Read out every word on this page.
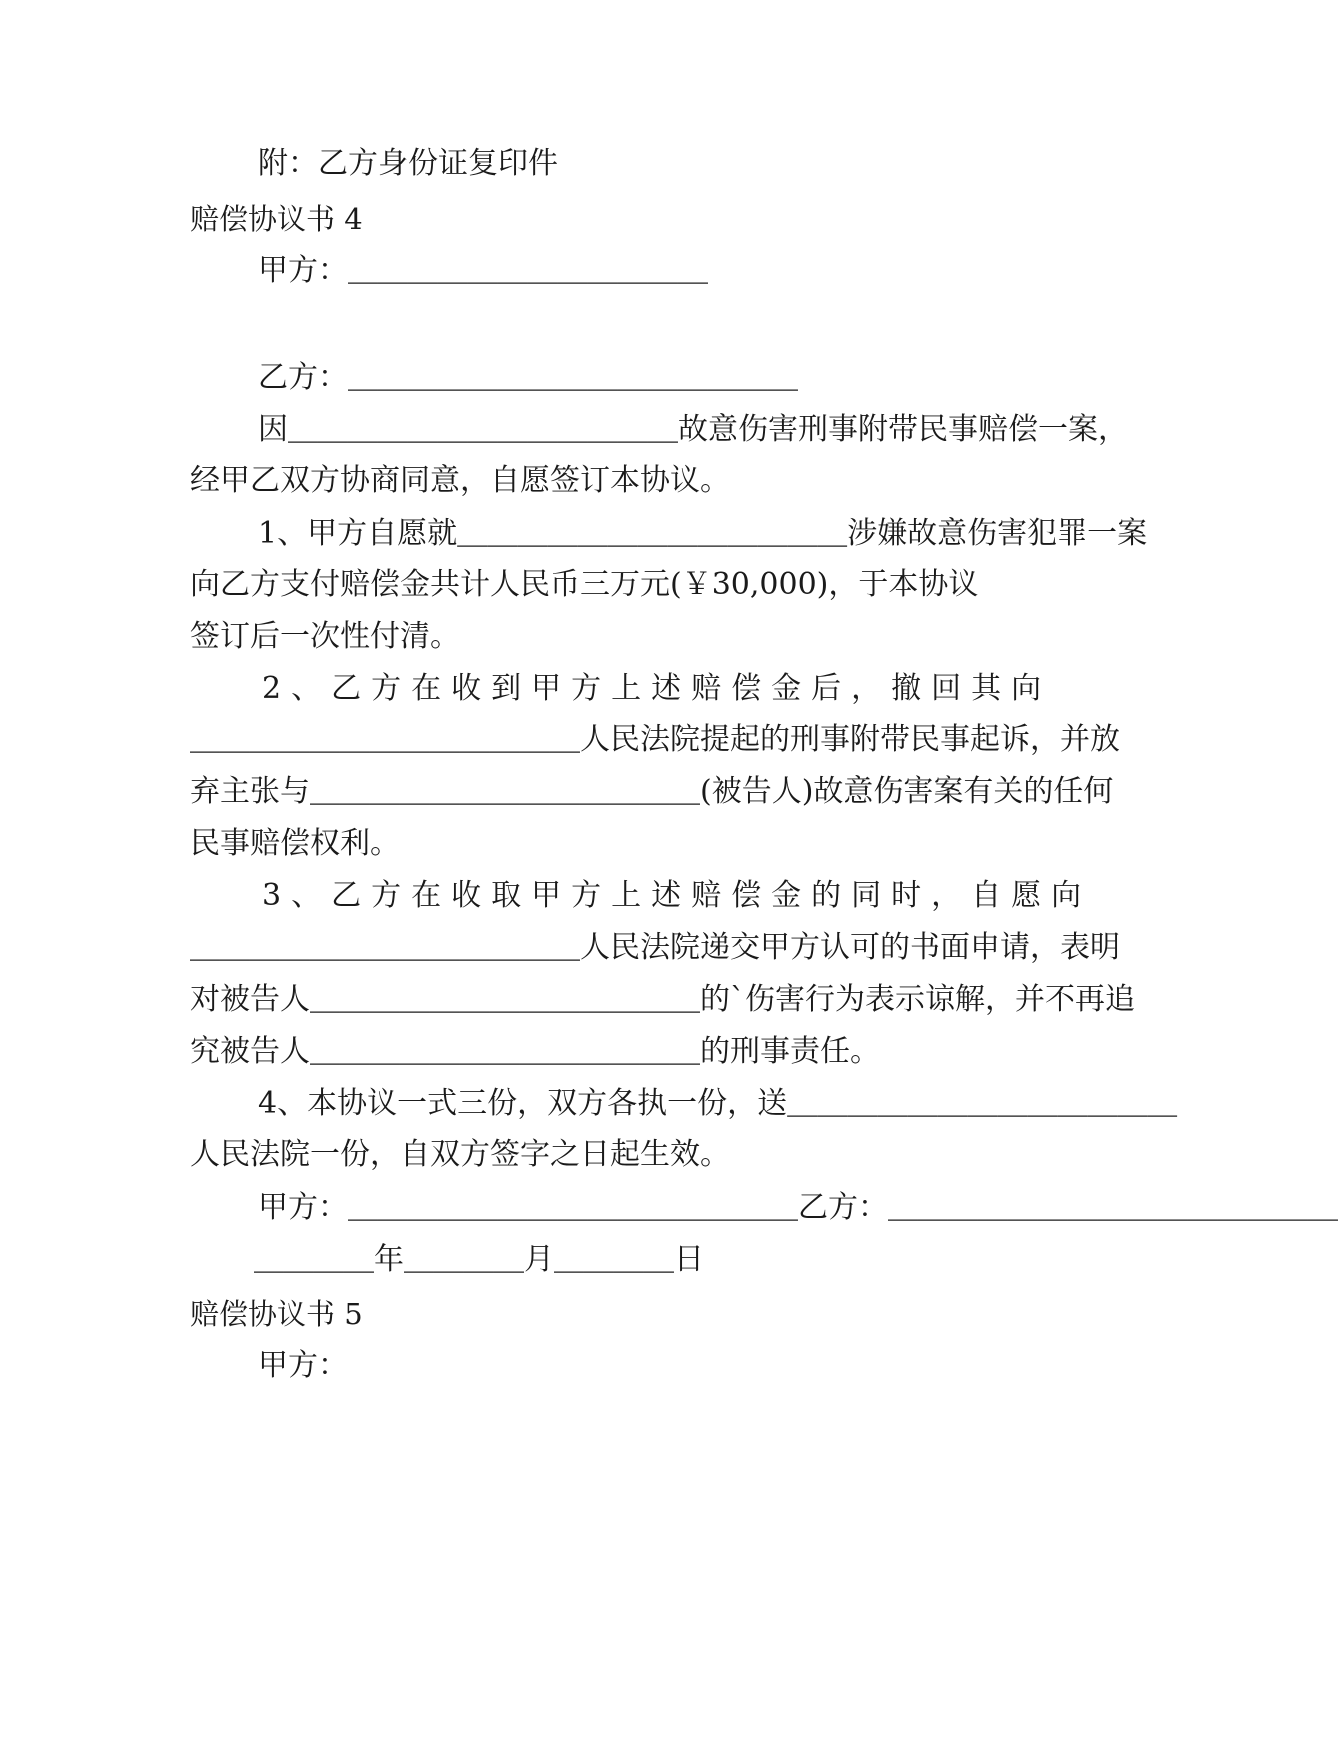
附：乙方身份证复印件
赔偿协议书 4
甲方：＿＿＿＿＿＿＿＿＿＿＿＿
乙方：＿＿＿＿＿＿＿＿＿＿＿＿＿＿＿
因＿＿＿＿＿＿＿＿＿＿＿＿＿故意伤害刑事附带民事赔偿一案，
经甲乙双方协商同意，自愿签订本协议。
1、甲方自愿就＿＿＿＿＿＿＿＿＿＿＿＿＿涉嫌故意伤害犯罪一案
向乙方支付赔偿金共计人民币三万元(￥30,000)，于本协议
签订后一次性付清。
2、乙方在收到甲方上述赔偿金后，撤回其向
＿＿＿＿＿＿＿＿＿＿＿＿＿人民法院提起的刑事附带民事起诉，并放
弃主张与＿＿＿＿＿＿＿＿＿＿＿＿＿(被告人)故意伤害案有关的任何
民事赔偿权利。
3、乙方在收取甲方上述赔偿金的同时，自愿向
＿＿＿＿＿＿＿＿＿＿＿＿＿人民法院递交甲方认可的书面申请，表明
对被告人＿＿＿＿＿＿＿＿＿＿＿＿＿的`伤害行为表示谅解，并不再追
究被告人＿＿＿＿＿＿＿＿＿＿＿＿＿的刑事责任。
4、本协议一式三份，双方各执一份，送＿＿＿＿＿＿＿＿＿＿＿＿＿
人民法院一份，自双方签字之日起生效。
甲方：＿＿＿＿＿＿＿＿＿＿＿＿＿＿＿乙方：＿＿＿＿＿＿＿＿＿＿＿＿＿＿＿
＿＿＿＿年＿＿＿＿月＿＿＿＿日
赔偿协议书 5
甲方：
